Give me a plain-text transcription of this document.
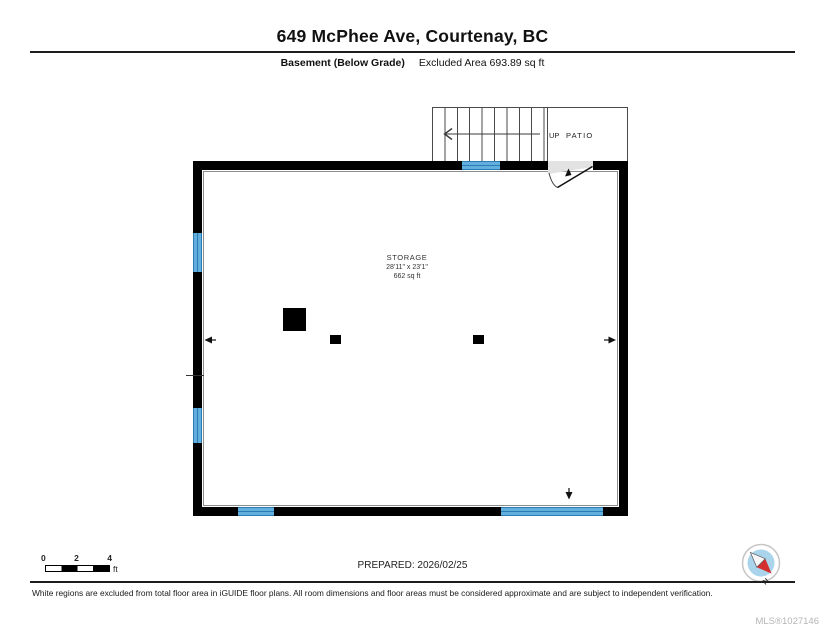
649 McPhee Ave, Courtenay, BC
Basement (Below Grade) Excluded Area 693.89 sq ft
UP PATIO
STORAGE
28'11" x 23'1"
662 sq ft
0	2	4
ft	PREPARED: 2026/02/25
White regions are excluded from total floor area in iGUIDE floor plans. All room dimensions and floor areas must be considered approximate and are subject to independent verification.
MLS®1027146
